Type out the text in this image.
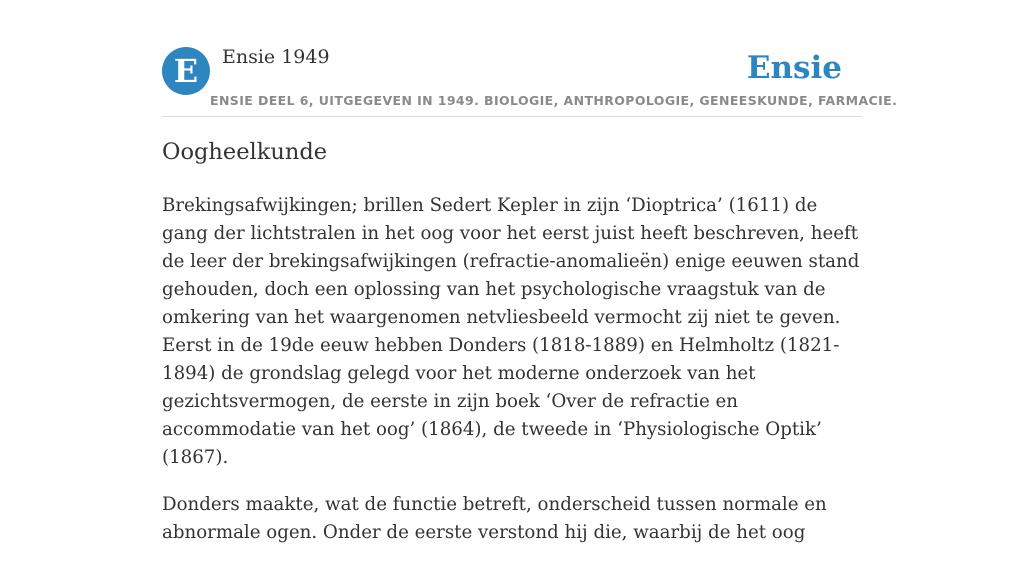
E	Ensie 1949	Ensie
ENSIE DEEL 6, UITGEGEVEN IN 1949. BIOLOGIE, ANTHROPOLOGIE, GENEESKUNDE, FARMACIE.
Oogheelkunde

Brekingsafwijkingen; brillen Sedert Kepler in zijn ‘Dioptrica’ (1611) de gang der lichtstralen in het oog voor het eerst juist heeft beschreven, heeft de leer der brekingsafwijkingen (refractie-anomalieën) enige eeuwen stand gehouden, doch een oplossing van het psychologische vraagstuk van de omkering van het waargenomen netvliesbeeld vermocht zij niet te geven. Eerst in de 19de eeuw hebben Donders (1818-1889) en Helmholtz (1821-1894) de grondslag gelegd voor het moderne onderzoek van het gezichtsvermogen, de eerste in zijn boek ‘Over de refractie en accommodatie van het oog’ (1864), de tweede in ‘Physiologische Optik’ (1867).

Donders maakte, wat de functie betreft, onderscheid tussen normale en abnormale ogen. Onder de eerste verstond hij die, waarbij de het oog
